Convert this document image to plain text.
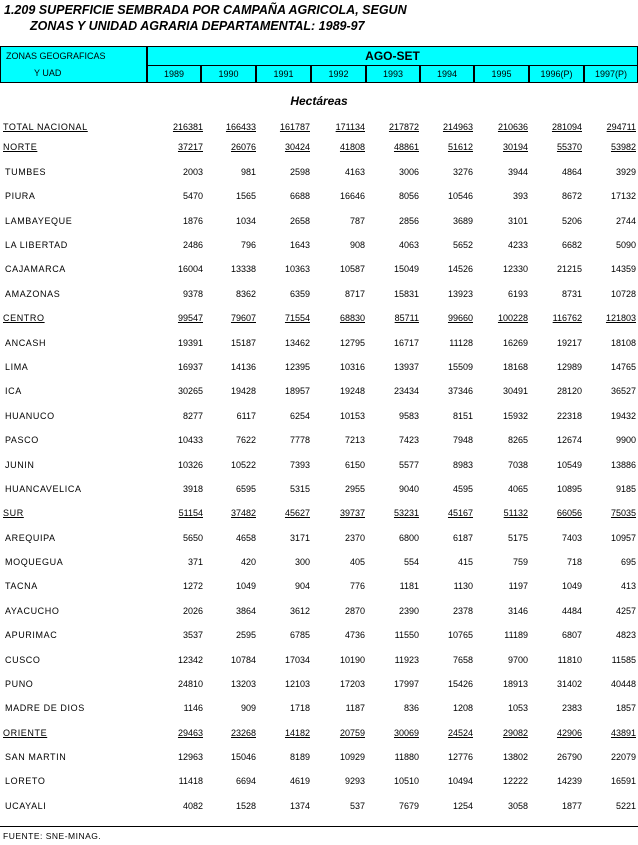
1.209 SUPERFICIE SEMBRADA POR CAMPAÑA AGRICOLA, SEGUN
ZONAS Y UNIDAD AGRARIA DEPARTAMENTAL: 1989-97
ZONAS GEOGRAFICAS
Y UAD
AGO-SET
1989	1990	1991	1992	1993	1994	1995	1996(P)	1997(P)
Hectáreas
TOTAL NACIONAL	216381	166433	161787	171134	217872	214963	210636	281094	294711
NORTE	37217	26076	30424	41808	48861	51612	30194	55370	53982
TUMBES	2003	981	2598	4163	3006	3276	3944	4864	3929
PIURA	5470	1565	6688	16646	8056	10546	393	8672	17132
LAMBAYEQUE	1876	1034	2658	787	2856	3689	3101	5206	2744
LA LIBERTAD	2486	796	1643	908	4063	5652	4233	6682	5090
CAJAMARCA	16004	13338	10363	10587	15049	14526	12330	21215	14359
AMAZONAS	9378	8362	6359	8717	15831	13923	6193	8731	10728
CENTRO	99547	79607	71554	68830	85711	99660	100228	116762	121803
ANCASH	19391	15187	13462	12795	16717	11128	16269	19217	18108
LIMA	16937	14136	12395	10316	13937	15509	18168	12989	14765
ICA	30265	19428	18957	19248	23434	37346	30491	28120	36527
HUANUCO	8277	6117	6254	10153	9583	8151	15932	22318	19432
PASCO	10433	7622	7778	7213	7423	7948	8265	12674	9900
JUNIN	10326	10522	7393	6150	5577	8983	7038	10549	13886
HUANCAVELICA	3918	6595	5315	2955	9040	4595	4065	10895	9185
SUR	51154	37482	45627	39737	53231	45167	51132	66056	75035
AREQUIPA	5650	4658	3171	2370	6800	6187	5175	7403	10957
MOQUEGUA	371	420	300	405	554	415	759	718	695
TACNA	1272	1049	904	776	1181	1130	1197	1049	413
AYACUCHO	2026	3864	3612	2870	2390	2378	3146	4484	4257
APURIMAC	3537	2595	6785	4736	11550	10765	11189	6807	4823
CUSCO	12342	10784	17034	10190	11923	7658	9700	11810	11585
PUNO	24810	13203	12103	17203	17997	15426	18913	31402	40448
MADRE DE DIOS	1146	909	1718	1187	836	1208	1053	2383	1857
ORIENTE	29463	23268	14182	20759	30069	24524	29082	42906	43891
SAN MARTIN	12963	15046	8189	10929	11880	12776	13802	26790	22079
LORETO	11418	6694	4619	9293	10510	10494	12222	14239	16591
UCAYALI	4082	1528	1374	537	7679	1254	3058	1877	5221
FUENTE: SNE-MINAG.
